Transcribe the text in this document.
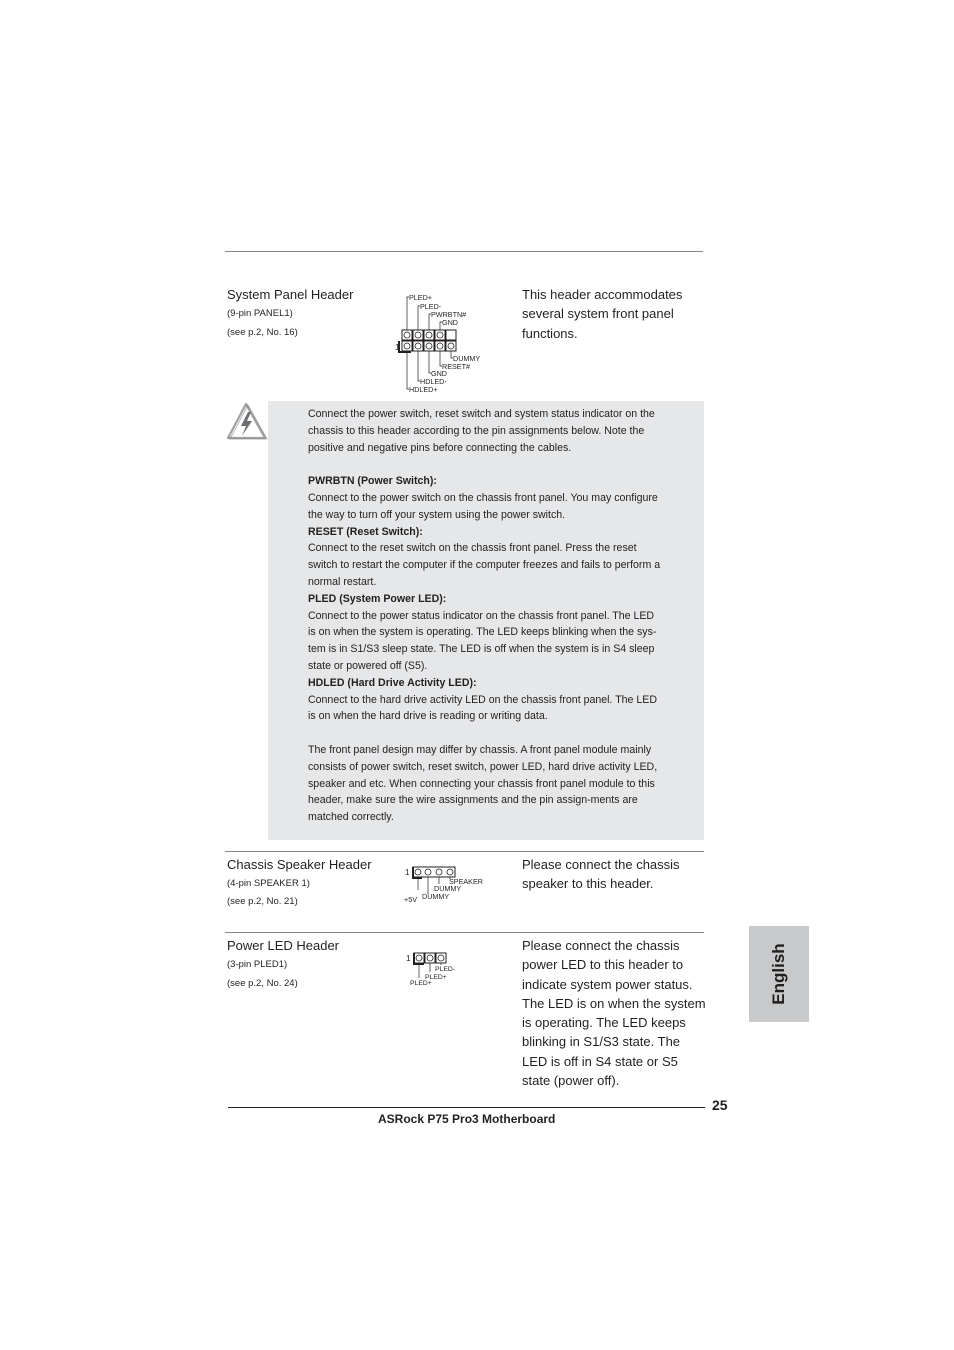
System Panel Header
(9-pin PANEL1)
(see p.2, No. 16)
PLED+
PLED-
PWRBTN#
GND
DUMMY
RESET#
GND
HDLED-
HDLED+
1
This header accommodates
several system front panel
functions.

Connect the power switch, reset switch and system status indicator on the

chassis to this header according to the pin assignments below. Note the

positive and negative pins before connecting the cables.

PWRBTN (Power Switch):

Connect to the power switch on the chassis front panel. You may configure

the way to turn off your system using the power switch.

RESET (Reset Switch):

Connect to the reset switch on the chassis front panel. Press the reset

switch to restart the computer if the computer freezes and fails to perform a

normal restart.

PLED (System Power LED):

Connect to the power status indicator on the chassis front panel. The LED

is on when the system is operating. The LED keeps blinking when the sys-

tem is in S1/S3 sleep state. The LED is off when the system is in S4 sleep

state or powered off (S5).

HDLED (Hard Drive Activity LED):

Connect to the hard drive activity LED on the chassis front panel. The LED

is on when the hard drive is reading or writing data.

The front panel design may differ by chassis. A front panel module mainly

consists of power switch, reset switch, power LED, hard drive activity LED,

speaker and etc. When connecting your chassis front panel module to this

header, make sure the wire assignments and the pin assign-ments are

matched correctly.

Chassis Speaker Header
(4-pin SPEAKER 1)
(see p.2, No. 21)
1
SPEAKER
DUMMY
+5V DUMMY
Please connect the chassis
speaker to this header.
Power LED Header
(3-pin PLED1)
(see p.2, No. 24)
1
PLED-
PLED+
PLED+
Please connect the chassis
power LED to this header to
indicate system power status.
The LED is on when the system
is operating. The LED keeps
blinking in S1/S3 state. The
LED is off in S4 state or S5
state (power off).
English
25
ASRock P75 Pro3 Motherboard
